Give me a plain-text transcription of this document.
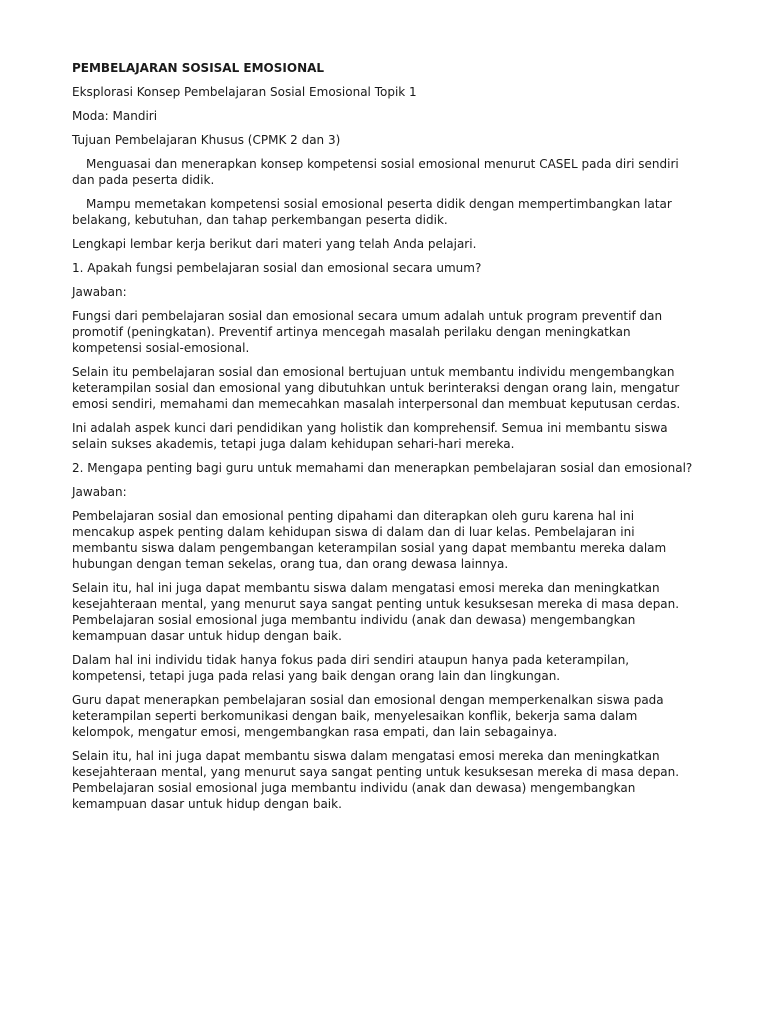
PEMBELAJARAN SOSISAL EMOSIONAL

Eksplorasi Konsep Pembelajaran Sosial Emosional Topik 1

Moda: Mandiri

Tujuan Pembelajaran Khusus (CPMK 2 dan 3)

Menguasai dan menerapkan konsep kompetensi sosial emosional menurut CASEL pada diri sendiri dan pada peserta didik.

Mampu memetakan kompetensi sosial emosional peserta didik dengan mempertimbangkan latar belakang, kebutuhan, dan tahap perkembangan peserta didik.

Lengkapi lembar kerja berikut dari materi yang telah Anda pelajari.

1. Apakah fungsi pembelajaran sosial dan emosional secara umum?

Jawaban:

Fungsi dari pembelajaran sosial dan emosional secara umum adalah untuk program preventif dan promotif (peningkatan). Preventif artinya mencegah masalah perilaku dengan meningkatkan kompetensi sosial-emosional.

Selain itu pembelajaran sosial dan emosional bertujuan untuk membantu individu mengembangkan keterampilan sosial dan emosional yang dibutuhkan untuk berinteraksi dengan orang lain, mengatur emosi sendiri, memahami dan memecahkan masalah interpersonal dan membuat keputusan cerdas.

Ini adalah aspek kunci dari pendidikan yang holistik dan komprehensif. Semua ini membantu siswa selain sukses akademis, tetapi juga dalam kehidupan sehari-hari mereka.

2. Mengapa penting bagi guru untuk memahami dan menerapkan pembelajaran sosial dan emosional?

Jawaban:

Pembelajaran sosial dan emosional penting dipahami dan diterapkan oleh guru karena hal ini mencakup aspek penting dalam kehidupan siswa di dalam dan di luar kelas. Pembelajaran ini membantu siswa dalam pengembangan keterampilan sosial yang dapat membantu mereka dalam hubungan dengan teman sekelas, orang tua, dan orang dewasa lainnya.

Selain itu, hal ini juga dapat membantu siswa dalam mengatasi emosi mereka dan meningkatkan kesejahteraan mental, yang menurut saya sangat penting untuk kesuksesan mereka di masa depan. Pembelajaran sosial emosional juga membantu individu (anak dan dewasa) mengembangkan kemampuan dasar untuk hidup dengan baik.

Dalam hal ini individu tidak hanya fokus pada diri sendiri ataupun hanya pada keterampilan, kompetensi, tetapi juga pada relasi yang baik dengan orang lain dan lingkungan.

Guru dapat menerapkan pembelajaran sosial dan emosional dengan memperkenalkan siswa pada keterampilan seperti berkomunikasi dengan baik, menyelesaikan konflik, bekerja sama dalam kelompok, mengatur emosi, mengembangkan rasa empati, dan lain sebagainya.

Selain itu, hal ini juga dapat membantu siswa dalam mengatasi emosi mereka dan meningkatkan kesejahteraan mental, yang menurut saya sangat penting untuk kesuksesan mereka di masa depan. Pembelajaran sosial emosional juga membantu individu (anak dan dewasa) mengembangkan kemampuan dasar untuk hidup dengan baik.
